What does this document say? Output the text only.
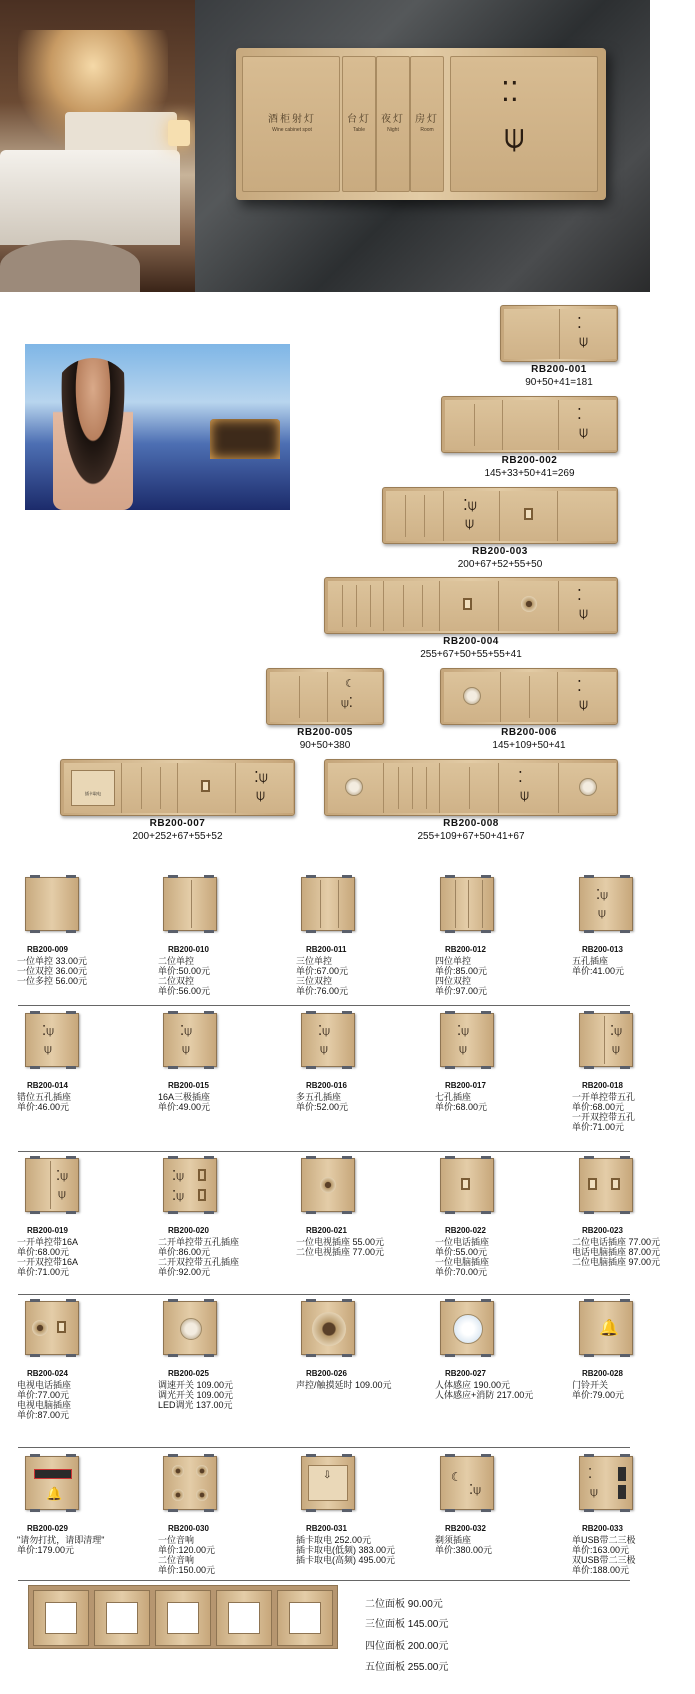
酒柜射灯
Wine cabinet spot
台灯
Table
夜灯
Night
房灯
Room
⁚⁚
⍦
⁚
⍦
RB200-001
90+50+41=181
⁚
⍦
RB200-002
145+33+50+41=269
⁚⍦
⍦
RB200-003
200+67+52+55+50
⁚
⍦
RB200-004
255+67+50+55+55+41
☾
⍦⁚
RB200-005
90+50+380
⁚
⍦
RB200-006
145+109+50+41
插卡取电
⁚⍦
⍦
RB200-007
200+252+67+55+52
⁚
⍦
RB200-008
255+109+67+50+41+67
RB200-009
一位单控 33.00元
一位双控 36.00元
一位多控 56.00元
RB200-010
二位单控
单价:50.00元
二位双控
单价:56.00元
RB200-011
三位单控
单价:67.00元
三位双控
单价:76.00元
RB200-012
四位单控
单价:85.00元
四位双控
单价:97.00元
⁚⍦
⍦
RB200-013
五孔插座
单价:41.00元
⁚⍦
⍦
RB200-014
错位五孔插座
单价:46.00元
⁚⍦
⍦
RB200-015
16A三极插座
单价:49.00元
⁚⍦
⍦
RB200-016
多五孔插座
单价:52.00元
⁚⍦
⍦
RB200-017
七孔插座
单价:68.00元
⁚⍦
⍦
RB200-018
一开单控带五孔
单价:68.00元
一开双控带五孔
单价:71.00元
⁚⍦
⍦
RB200-019
一开单控带16A
单价:68.00元
一开双控带16A
单价:71.00元
⁚⍦
⁚⍦
RB200-020
二开单控带五孔插座
单价:86.00元
二开双控带五孔插座
单价:92.00元
RB200-021
一位电视插座 55.00元
二位电视插座 77.00元
RB200-022
一位电话插座
单价:55.00元
一位电脑插座
单价:70.00元
RB200-023
二位电话插座 77.00元
电话电脑插座 87.00元
二位电脑插座 97.00元
RB200-024
电视电话插座
单价:77.00元
电视电脑插座
单价:87.00元
RB200-025
调速开关 109.00元
调光开关 109.00元
LED调光 137.00元
RB200-026
声控/触摸延时 109.00元
RB200-027
人体感应 190.00元
人体感应+消防 217.00元
🔔
RB200-028
门铃开关
单价:79.00元
🔔
RB200-029
"请勿打扰，请即清理"
单价:179.00元
RB200-030
一位音响
单价:120.00元
二位音响
单价:150.00元
⇩
RB200-031
插卡取电 252.00元
插卡取电(低频) 383.00元
插卡取电(高频) 495.00元
☾
⁚⍦
RB200-032
剃须插座
单价:380.00元
⁚
⍦
RB200-033
单USB带二三极
单价:163.00元
双USB带二三极
单价:188.00元
二位面板 90.00元
三位面板 145.00元
四位面板 200.00元
五位面板 255.00元
